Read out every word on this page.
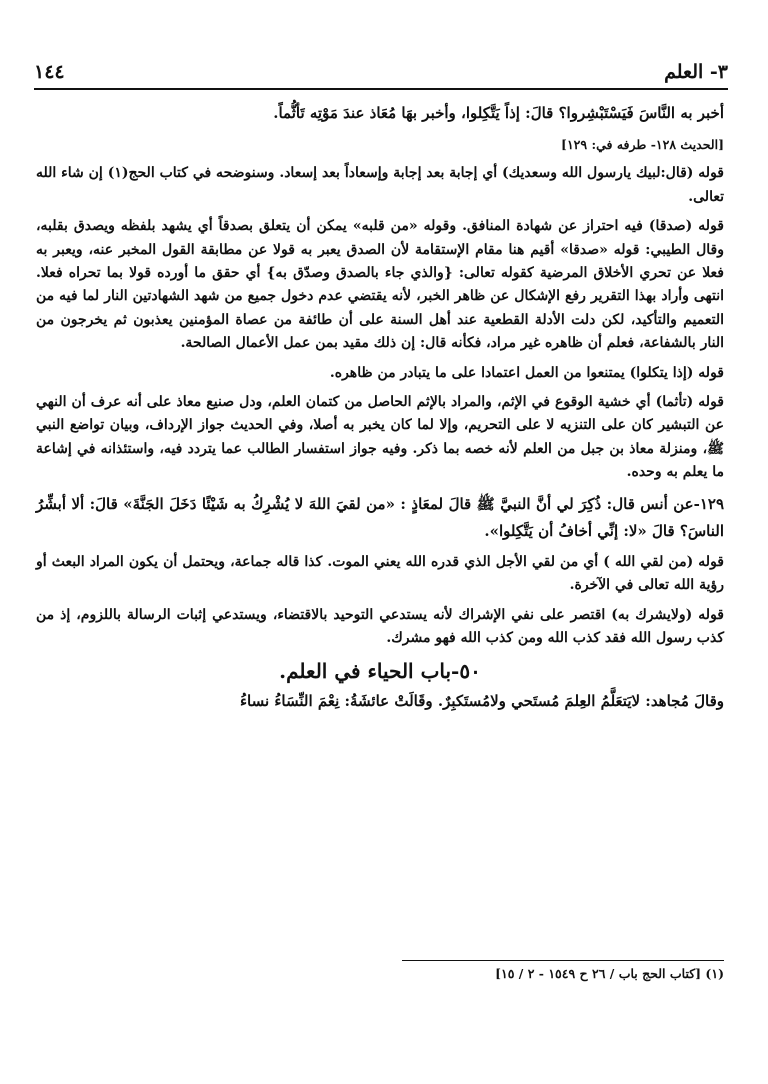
٣- العلم
١٤٤

أخبر به النَّاسَ فَيَسْتَبْشِروا؟ قالَ: إذاً يَتَّكِلوا، وأخبر بهَا مُعَاذ عندَ مَوْتِه تَأثُّماً.

[الحديث ١٢٨- طرفه في: ١٢٩]

قوله (قال:لبيك يارسول الله وسعديك) أي إجابة بعد إجابة وإسعاداً بعد إسعاد. وسنوضحه في كتاب الحج(١) إن شاء الله تعالى.

قوله (صدقا) فيه احتراز عن شهادة المنافق. وقوله «من قلبه» يمكن أن يتعلق بصدقاً أي يشهد بلفظه ويصدق بقلبه، وقال الطيبي: قوله «صدقا» أقيم هنا مقام الإستقامة لأن الصدق يعبر به قولا عن مطابقة القول المخبر عنه، ويعبر به فعلا عن تحري الأخلاق المرضية كقوله تعالى: {والذي جاء بالصدق وصدّق به} أي حقق ما أورده قولا بما تحراه فعلا. انتهى وأراد بهذا التقرير رفع الإشكال عن ظاهر الخبر، لأنه يقتضي عدم دخول جميع من شهد الشهادتين النار لما فيه من التعميم والتأكيد، لكن دلت الأدلة القطعية عند أهل السنة على أن طائفة من عصاة المؤمنين يعذبون ثم يخرجون من النار بالشفاعة، فعلم أن ظاهره غير مراد، فكأنه قال: إن ذلك مقيد بمن عمل الأعمال الصالحة.

قوله (إذا يتكلوا) يمتنعوا من العمل اعتمادا على ما يتبادر من ظاهره.

قوله (تأثما) أي خشية الوقوع في الإثم، والمراد بالإثم الحاصل من كتمان العلم، ودل صنيع معاذ على أنه عرف أن النهي عن التبشير كان على التنزيه لا على التحريم، وإلا لما كان يخبر به أصلا، وفي الحديث جواز الإرداف، وبيان تواضع النبي ﷺ، ومنزلة معاذ بن جبل من العلم لأنه خصه بما ذكر. وفيه جواز استفسار الطالب عما يتردد فيه، واستئذانه في إشاعة ما يعلم به وحده.

١٢٩-عن أنس قال: ذُكِرَ لي أنَّ النبيَّ ﷺ قالَ لمعَاذٍ : «من لقيَ اللهَ لا يُشْرِكُ به شَيْئًا دَخَلَ الجَنَّةَ» قالَ: ألا أبشِّرُ الناسَ؟ قالَ «لا: إنِّي أخافُ أن يَتَّكِلوا».

قوله (من لقي الله ) أي من لقي الأجل الذي قدره الله يعني الموت. كذا قاله جماعة، ويحتمل أن يكون المراد البعث أو رؤية الله تعالى في الآخرة.

قوله (ولايشرك به) اقتصر على نفي الإشراك لأنه يستدعي التوحيد بالاقتضاء، ويستدعي إثبات الرسالة باللزوم، إذ من كذب رسول الله فقد كذب الله ومن كذب الله فهو مشرك.

٥٠-باب الحياء في العلم.

وقالَ مُجاهد: لايَتعَلَّمُ العِلمَ مُستَحي ولامُستَكبِرٌ. وقَالَتْ عائشَةُ: نِعْمَ النِّسَاءُ نساءُ

(١) [كتاب الحج باب / ٢٦ ح ١٥٤٩ - ٢ / ١٥]
